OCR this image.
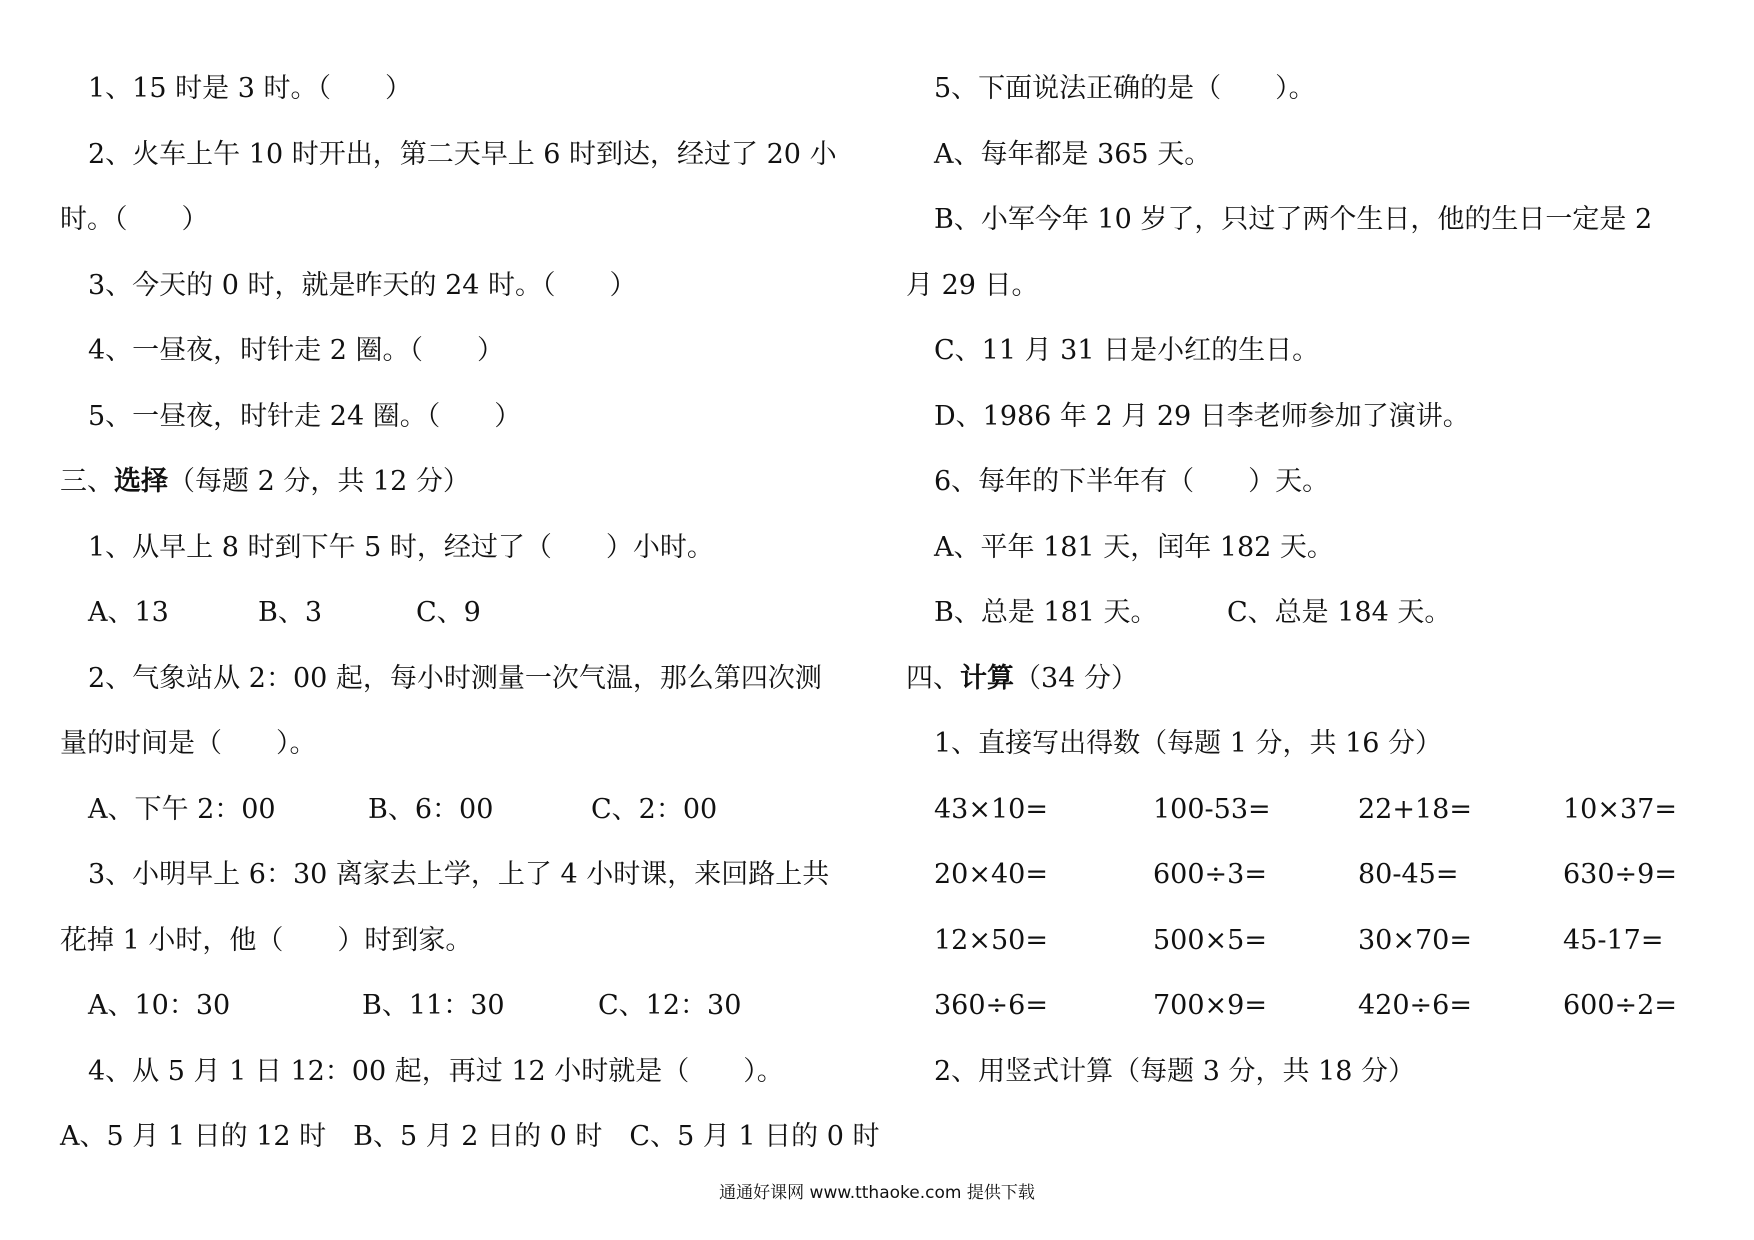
1、15 时是 3 时。（　　）
2、火车上午 10 时开出，第二天早上 6 时到达，经过了 20 小
时。（　　）
3、今天的 0 时，就是昨天的 24 时。（　　）
4、一昼夜，时针走 2 圈。（　　）
5、一昼夜，时针走 24 圈。（　　）
三、选择（每题 2 分，共 12 分）
1、从早上 8 时到下午 5 时，经过了（　　）小时。
A、13	B、3	C、9
2、气象站从 2：00 起，每小时测量一次气温，那么第四次测
量的时间是（　　）。
A、下午 2：00	B、6：00	C、2：00
3、小明早上 6：30 离家去上学，上了 4 小时课，来回路上共
花掉 1 小时，他（　　）时到家。
A、10：30	B、11：30	C、12：30
4、从 5 月 1 日 12：00 起，再过 12 小时就是（　　）。
A、5 月 1 日的 12 时　B、5 月 2 日的 0 时　C、5 月 1 日的 0 时
5、下面说法正确的是（　　）。
A、每年都是 365 天。
B、小军今年 10 岁了，只过了两个生日，他的生日一定是 2
月 29 日。
C、11 月 31 日是小红的生日。
D、1986 年 2 月 29 日李老师参加了演讲。
6、每年的下半年有（　　）天。
A、平年 181 天，闰年 182 天。
B、总是 181 天。	C、总是 184 天。
四、计算（34 分）
1、直接写出得数（每题 1 分，共 16 分）
43×10=	100-53=	22+18=	10×37=
20×40=	600÷3=	80-45=	630÷9=
12×50=	500×5=	30×70=	45-17=
360÷6=	700×9=	420÷6=	600÷2=
2、用竖式计算（每题 3 分，共 18 分）
通通好课网 www.tthaoke.com 提供下载
